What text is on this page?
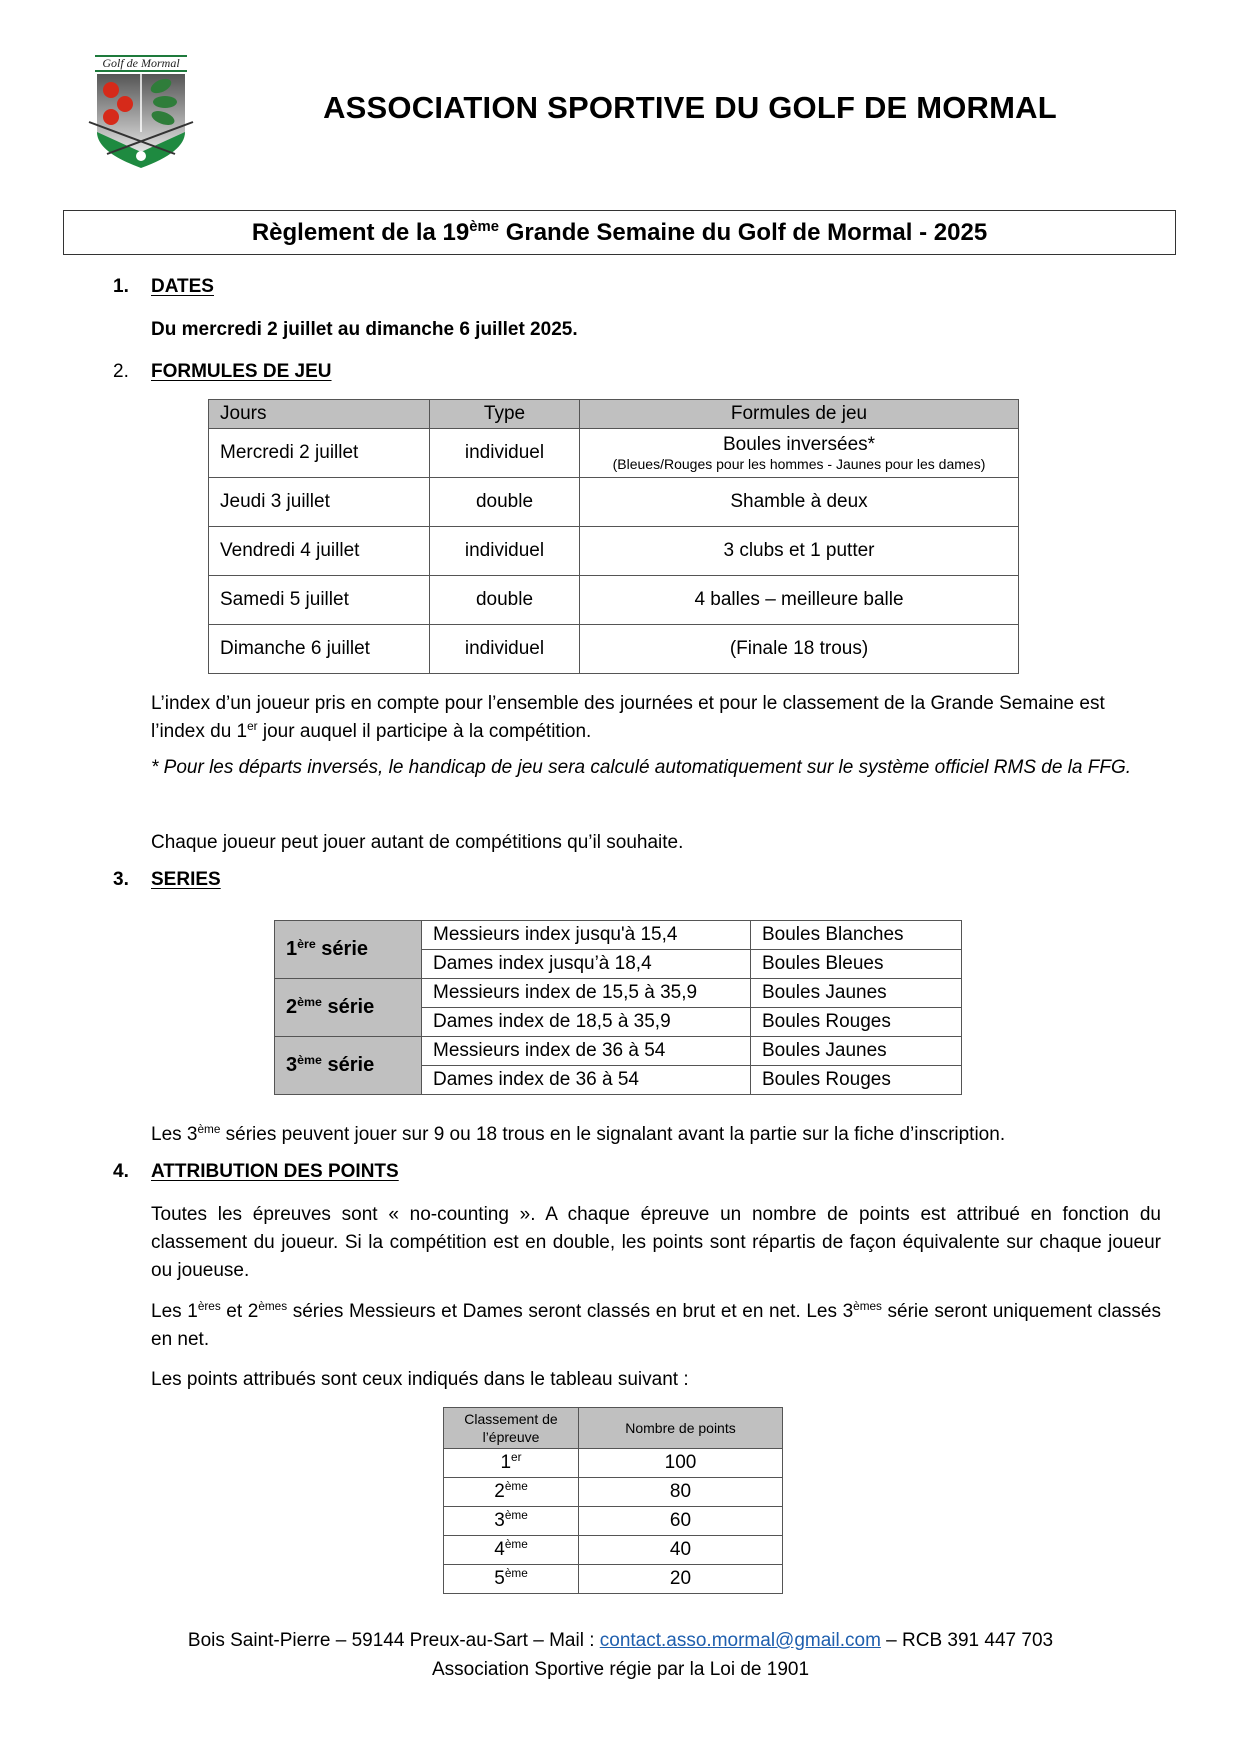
Golf de Mormal
ASSOCIATION SPORTIVE DU GOLF DE MORMAL
Règlement de la 19ème Grande Semaine du Golf de Mormal - 2025
1. DATES
Du mercredi 2 juillet au dimanche 6 juillet 2025.
2. FORMULES DE JEU
Jours	Type	Formules de jeu
Mercredi 2 juillet	individuel	Boules inversées*
(Bleues/Rouges pour les hommes - Jaunes pour les dames)

Jeudi 3 juillet	double	Shamble à deux
Vendredi 4 juillet	individuel	3 clubs et 1 putter
Samedi 5 juillet	double	4 balles – meilleure balle
Dimanche 6 juillet	individuel	(Finale 18 trous)
L’index d’un joueur pris en compte pour l’ensemble des journées et pour le classement de la Grande Semaine est l’index du 1er jour auquel il participe à la compétition.
* Pour les départs inversés, le handicap de jeu sera calculé automatiquement sur le système officiel RMS de la FFG.
Chaque joueur peut jouer autant de compétitions qu’il souhaite.
3. SERIES
1ère série	Messieurs index jusqu'à 15,4	Boules Blanches
	Dames index jusqu’à 18,4	Boules Bleues
2ème série	Messieurs index de 15,5 à 35,9	Boules Jaunes
	Dames index de 18,5 à 35,9	Boules Rouges
3ème série	Messieurs index de 36 à 54	Boules Jaunes
	Dames index de 36 à 54	Boules Rouges
Les 3ème séries peuvent jouer sur 9 ou 18 trous en le signalant avant la partie sur la fiche d’inscription.
4. ATTRIBUTION DES POINTS
Toutes les épreuves sont « no-counting ». A chaque épreuve un nombre de points est attribué en fonction du classement du joueur. Si la compétition est en double, les points sont répartis de façon équivalente sur chaque joueur ou joueuse.
Les 1ères et 2èmes séries Messieurs et Dames seront classés en brut et en net. Les 3èmes série seront uniquement classés en net.
Les points attribués sont ceux indiqués dans le tableau suivant :
Classement de l’épreuve	Nombre de points
1er	100
2ème	80
3ème	60
4ème	40
5ème	20
Bois Saint-Pierre – 59144 Preux-au-Sart – Mail : contact.asso.mormal@gmail.com – RCB 391 447 703
Association Sportive régie par la Loi de 1901
